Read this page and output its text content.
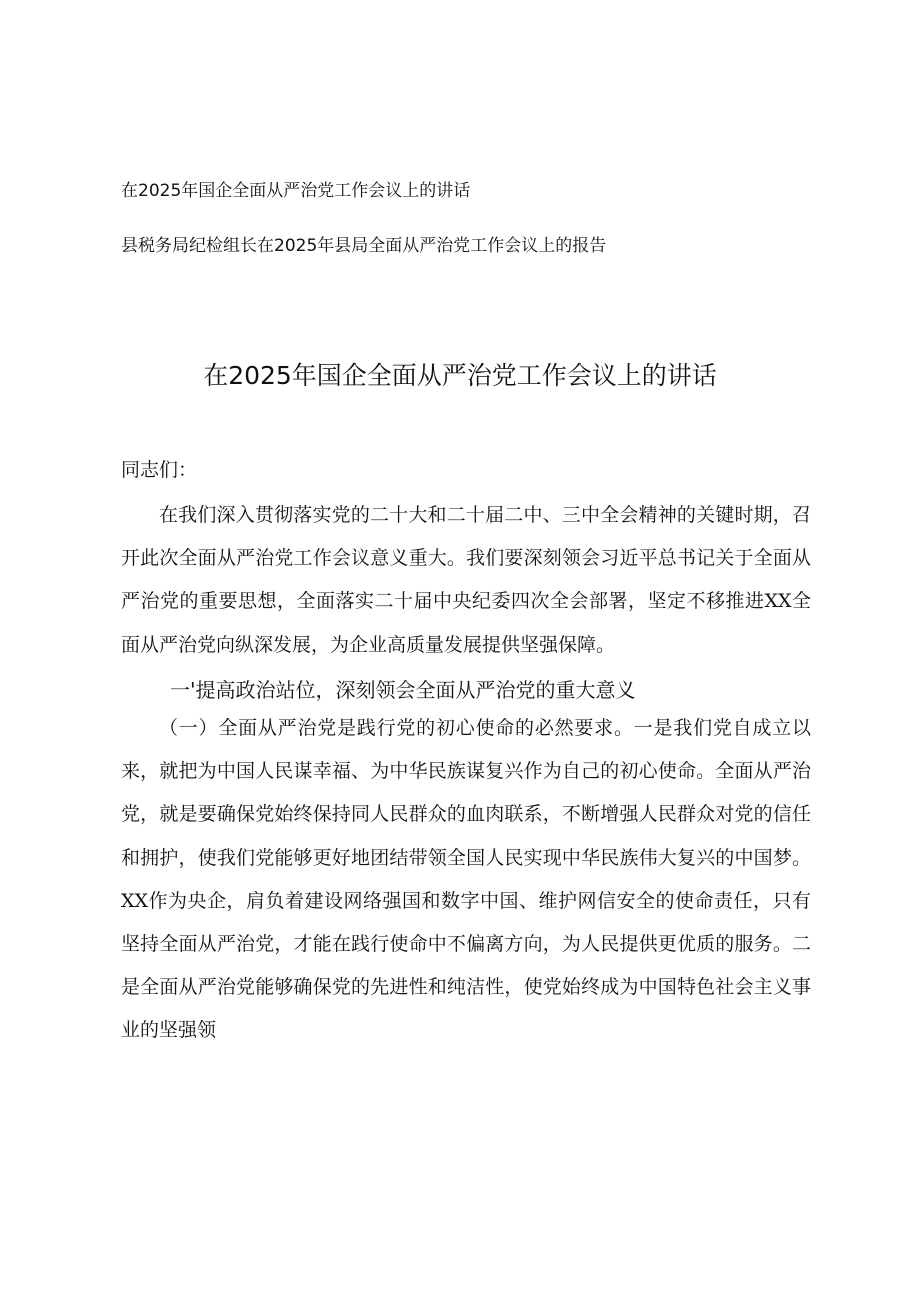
在2025年国企全面从严治党工作会议上的讲话
县税务局纪检组长在2025年县局全面从严治党工作会议上的报告
在2025年国企全面从严治党工作会议上的讲话
同志们：

在我们深入贯彻落实党的二十大和二十届二中、三中全会精神的关键时期，召开此次全面从严治党工作会议意义重大。我们要深刻领会习近平总书记关于全面从严治党的重要思想，全面落实二十届中央纪委四次全会部署，坚定不移推进XX全面从严治党向纵深发展，为企业高质量发展提供坚强保障。

一'提高政治站位，深刻领会全面从严治党的重大意义

（一）全面从严治党是践行党的初心使命的必然要求。一是我们党自成立以来，就把为中国人民谋幸福、为中华民族谋复兴作为自己的初心使命。全面从严治党，就是要确保党始终保持同人民群众的血肉联系，不断增强人民群众对党的信任和拥护，使我们党能够更好地团结带领全国人民实现中华民族伟大复兴的中国梦。XX作为央企，肩负着建设网络强国和数字中国、维护网信安全的使命责任，只有坚持全面从严治党，才能在践行使命中不偏离方向，为人民提供更优质的服务。二是全面从严治党能够确保党的先进性和纯洁性，使党始终成为中国特色社会主义事业的坚强领
